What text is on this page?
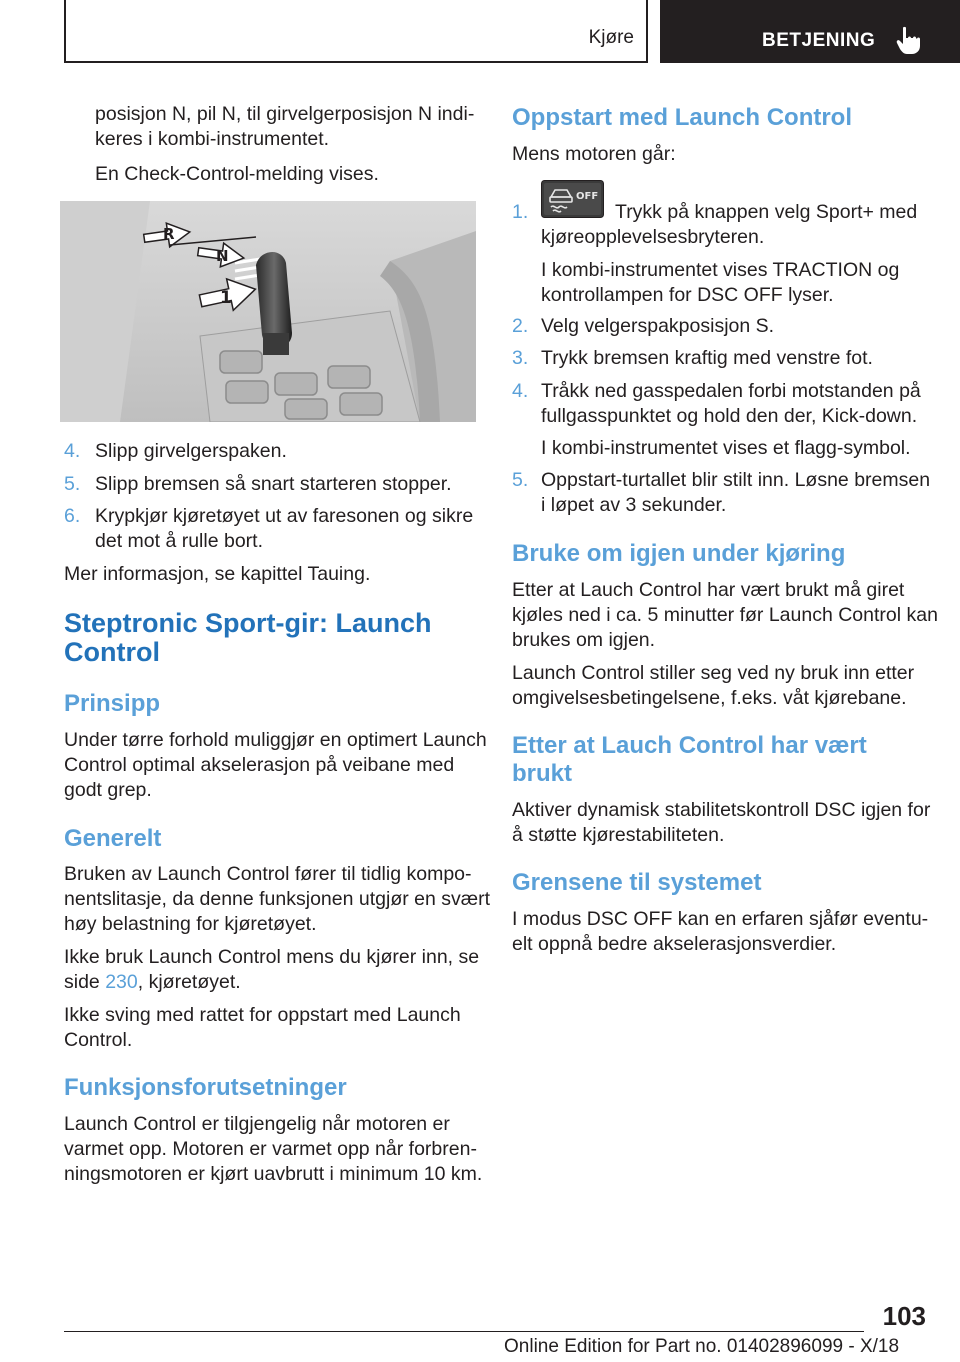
Kjøre	BETJENING

posisjon N, pil N, til girvelgerposisjon N indi-

keres i kombi-instrumentet.

En Check-Control-melding vises.

R
N
1
4. Slipp girvelgerspaken.
5. Slipp bremsen så snart starteren stopper.
6. Krypkjør kjøretøyet ut av faresonen og sikre
det mot å rulle bort.

Mer informasjon, se kapittel Tauing.

Steptronic Sport-gir: Launch
Control
Prinsipp

Under tørre forhold muliggjør en optimert Launch

Control optimal akselerasjon på veibane med

godt grep.

Generelt

Bruken av Launch Control fører til tidlig kompo-

nentslitasje, da denne funksjonen utgjør en svært

høy belastning for kjøretøyet.

Ikke bruk Launch Control mens du kjører inn, se

side 230, kjøretøyet.

Ikke sving med rattet for oppstart med Launch

Control.

Funksjonsforutsetninger

Launch Control er tilgjengelig når motoren er

varmet opp. Motoren er varmet opp når forbren-

ningsmotoren er kjørt uavbrutt i minimum 10 km.

Oppstart med Launch Control

Mens motoren går:

1.
OFF
Trykk på knappen velg Sport+ med
kjøreopplevelsesbryteren.
I kombi-instrumentet vises TRACTION og
kontrollampen for DSC OFF lyser.
2. Velg velgerspakposisjon S.
3. Trykk bremsen kraftig med venstre fot.
4. Tråkk ned gasspedalen forbi motstanden på
fullgasspunktet og hold den der, Kick-down.
I kombi-instrumentet vises et flagg-symbol.
5. Oppstart-turtallet blir stilt inn. Løsne bremsen
i løpet av 3 sekunder.
Bruke om igjen under kjøring

Etter at Lauch Control har vært brukt må giret

kjøles ned i ca. 5 minutter før Launch Control kan

brukes om igjen.

Launch Control stiller seg ved ny bruk inn etter

omgivelsesbetingelsene, f.eks. våt kjørebane.

Etter at Lauch Control har vært
brukt

Aktiver dynamisk stabilitetskontroll DSC igjen for

å støtte kjørestabiliteten.

Grensene til systemet

I modus DSC OFF kan en erfaren sjåfør eventu-

elt oppnå bedre akselerasjonsverdier.

103
Online Edition for Part no. 01402896099 - X/18
